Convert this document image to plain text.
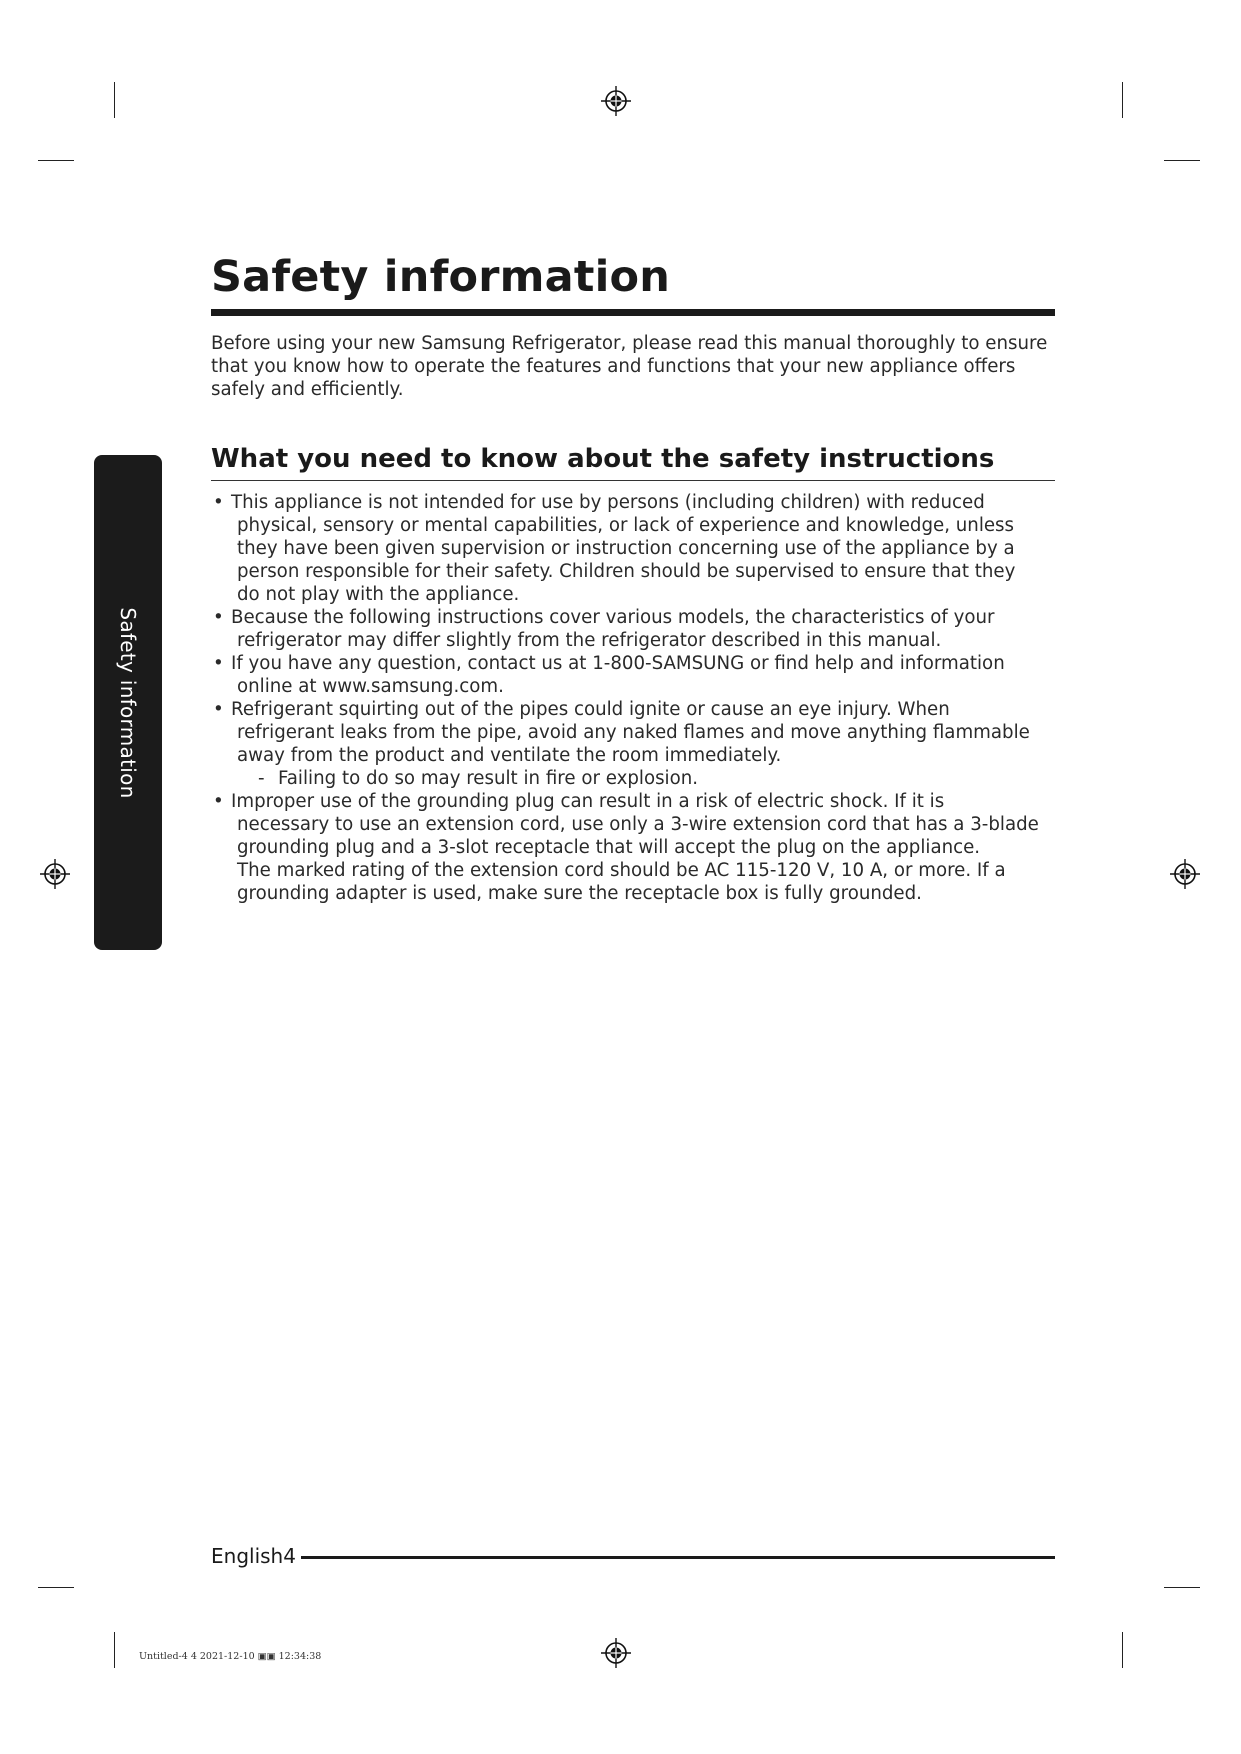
Safety information
Safety information
Before using your new Samsung Refrigerator, please read this manual thoroughly to ensure that you know how to operate the features and functions that your new appliance offers safely and efficiently.
What you need to know about the safety instructions
• This appliance is not intended for use by persons (including children) with reduced
physical, sensory or mental capabilities, or lack of experience and knowledge, unless
they have been given supervision or instruction concerning use of the appliance by a
person responsible for their safety. Children should be supervised to ensure that they
do not play with the appliance.
• Because the following instructions cover various models, the characteristics of your
refrigerator may differ slightly from the refrigerator described in this manual.
• If you have any question, contact us at 1-800-SAMSUNG or find help and information
online at www.samsung.com.
• Refrigerant squirting out of the pipes could ignite or cause an eye injury. When
refrigerant leaks from the pipe, avoid any naked flames and move anything flammable
away from the product and ventilate the room immediately.
- Failing to do so may result in fire or explosion.
• Improper use of the grounding plug can result in a risk of electric shock. If it is
necessary to use an extension cord, use only a 3-wire extension cord that has a 3-blade
grounding plug and a 3-slot receptacle that will accept the plug on the appliance.
The marked rating of the extension cord should be AC 115-120 V, 10 A, or more. If a
grounding adapter is used, make sure the receptacle box is fully grounded.
English4
Untitled-4 4 2021-12-10 ▣▣ 12:34:38
